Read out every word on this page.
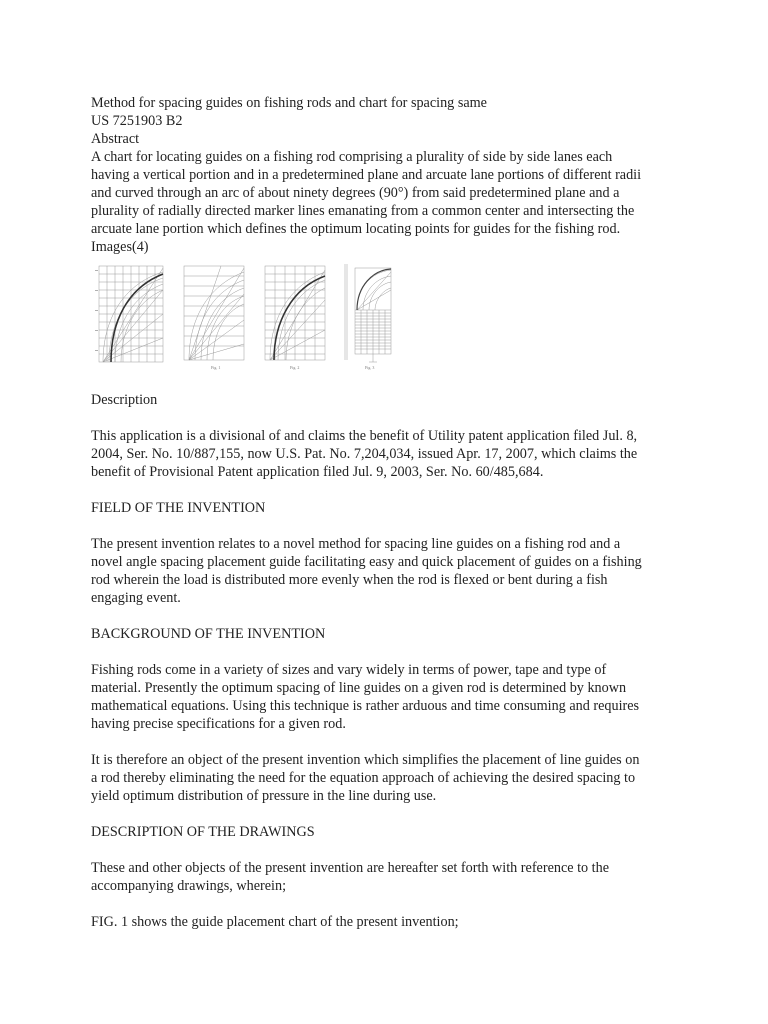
Method for spacing guides on fishing rods and chart for spacing same
US 7251903 B2
Abstract
A chart for locating guides on a fishing rod comprising a plurality of side by side lanes each
having a vertical portion and in a predetermined plane and arcuate lane portions of different radii
and curved through an arc of about ninety degrees (90°) from said predetermined plane and a
plurality of radially directed marker lines emanating from a common center and intersecting the
arcuate lane portion which defines the optimum locating points for guides for the fishing rod.
Images(4)
Fig. 1	Fig. 2	Fig. 3
Description
This application is a divisional of and claims the benefit of Utility patent application filed Jul. 8,
2004, Ser. No. 10/887,155, now U.S. Pat. No. 7,204,034, issued Apr. 17, 2007, which claims the
benefit of Provisional Patent application filed Jul. 9, 2003, Ser. No. 60/485,684.
FIELD OF THE INVENTION
The present invention relates to a novel method for spacing line guides on a fishing rod and a
novel angle spacing placement guide facilitating easy and quick placement of guides on a fishing
rod wherein the load is distributed more evenly when the rod is flexed or bent during a fish
engaging event.
BACKGROUND OF THE INVENTION
Fishing rods come in a variety of sizes and vary widely in terms of power, tape and type of
material. Presently the optimum spacing of line guides on a given rod is determined by known
mathematical equations. Using this technique is rather arduous and time consuming and requires
having precise specifications for a given rod.
It is therefore an object of the present invention which simplifies the placement of line guides on
a rod thereby eliminating the need for the equation approach of achieving the desired spacing to
yield optimum distribution of pressure in the line during use.
DESCRIPTION OF THE DRAWINGS
These and other objects of the present invention are hereafter set forth with reference to the
accompanying drawings, wherein;
FIG. 1 shows the guide placement chart of the present invention;
